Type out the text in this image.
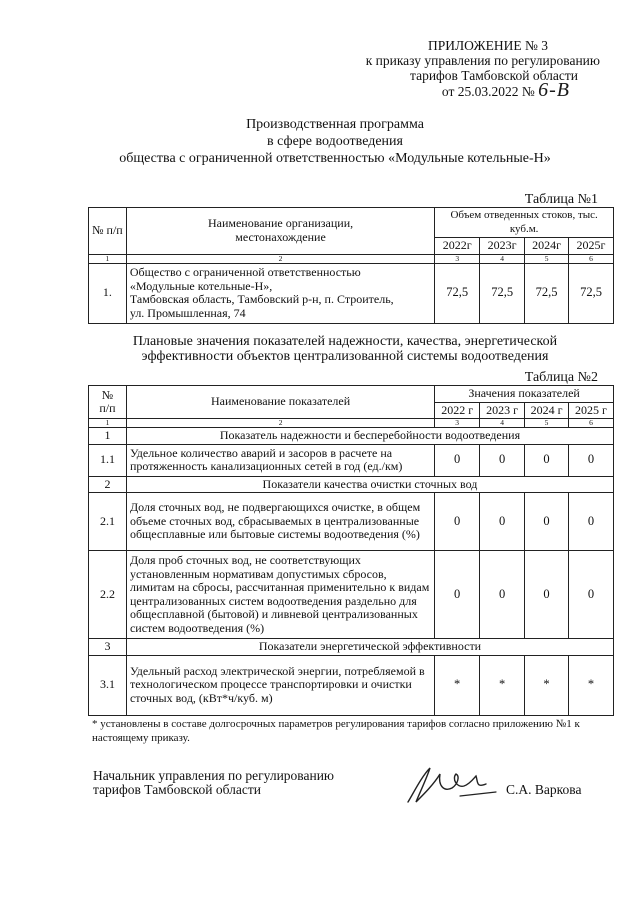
ПРИЛОЖЕНИЕ № 3
к приказу управления по регулированию
тарифов Тамбовской области
от 25.03.2022 № 6-В
Производственная программа
в сфере водоотведения
общества с ограниченной ответственностью «Модульные котельные-Н»
Таблица №1
№ п/п	Наименование организации, местонахождение	Объем отведенных стоков, тыс. куб.м.			
		2022г	2023г	2024г	2025г
1	2	3	4	5	6
1.	Общество с ограниченной ответственностью
«Модульные котельные-Н»,
Тамбовская область, Тамбовский р-н, п. Строитель,
ул. Промышленная, 74	72,5	72,5	72,5	72,5
Плановые значения показателей надежности, качества, энергетической
эффективности объектов централизованной системы водоотведения
Таблица №2
№ п/п	Наименование показателей	Значения показателей			
		2022 г	2023 г	2024 г	2025 г
1	2	3	4	5	6
1	Показатель надежности и бесперебойности водоотведения				
1.1	Удельное количество аварий и засоров в расчете на протяженность канализационных сетей в год (ед./км)	0	0	0	0
2	Показатели качества очистки сточных вод				
2.1	Доля сточных вод, не подвергающихся очистке, в общем объеме сточных вод, сбрасываемых в централизованные общесплавные или бытовые системы водоотведения (%)	0	0	0	0
2.2	Доля проб сточных вод, не соответствующих установленным нормативам допустимых сбросов, лимитам на сбросы, рассчитанная применительно к видам централизованных систем водоотведения раздельно для общесплавной (бытовой) и ливневой централизованных систем водоотведения (%)	0	0	0	0
3	Показатели энергетической эффективности				
3.1	Удельный расход электрической энергии, потребляемой в технологическом процессе транспортировки и очистки сточных вод, (кВт*ч/куб. м)	*	*	*	*
* установлены в составе долгосрочных параметров регулирования тарифов согласно приложению №1 к настоящему приказу.
Начальник управления по регулированию
тарифов Тамбовской области	С.А. Варкова
